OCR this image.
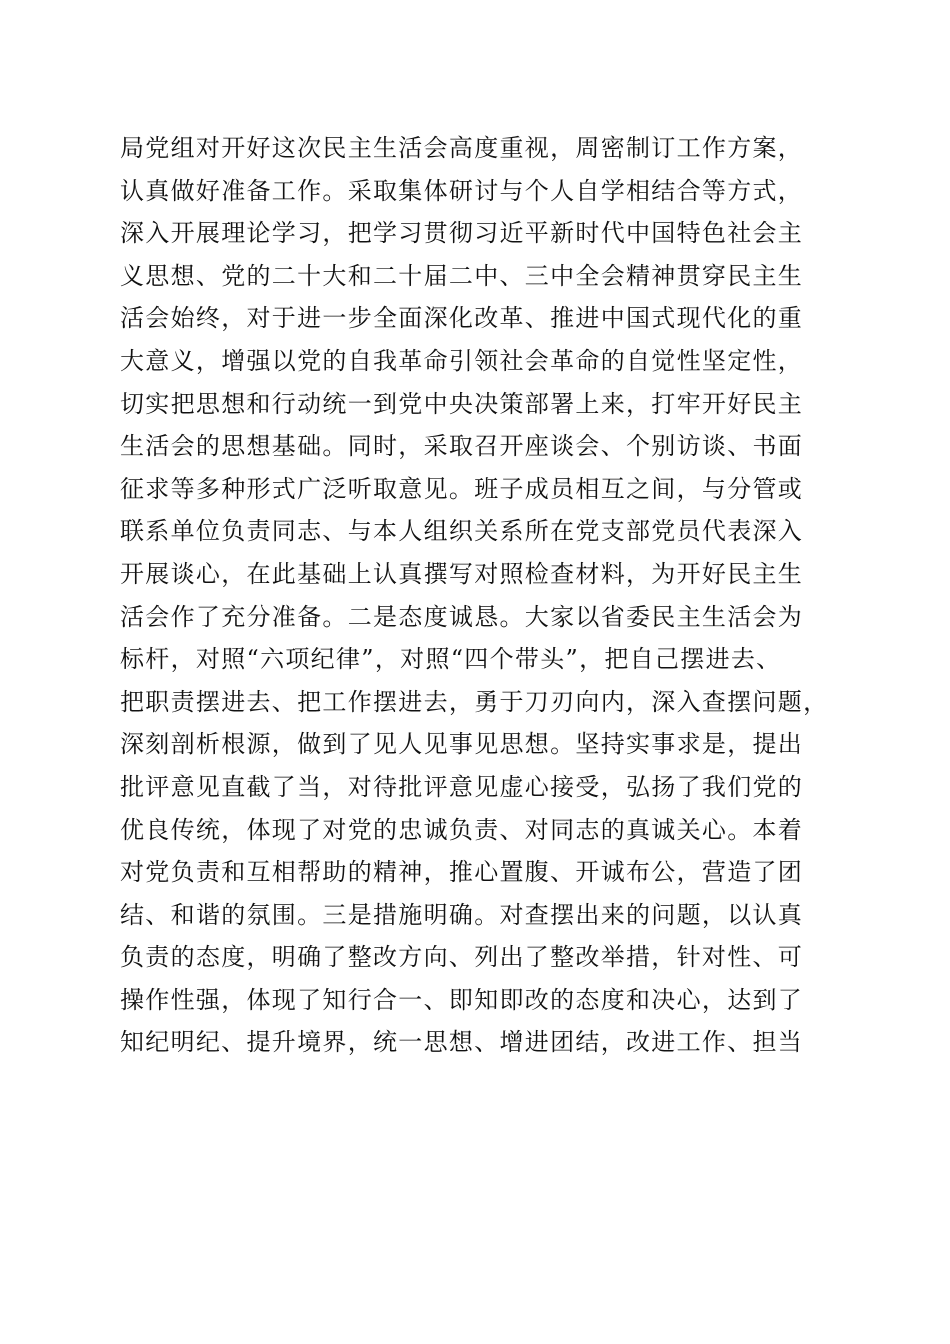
局党组对开好这次民主生活会高度重视，周密制订工作方案，
认真做好准备工作。采取集体研讨与个人自学相结合等方式，
深入开展理论学习，把学习贯彻习近平新时代中国特色社会主
义思想、党的二十大和二十届二中、三中全会精神贯穿民主生
活会始终，对于进一步全面深化改革、推进中国式现代化的重
大意义，增强以党的自我革命引领社会革命的自觉性坚定性，
切实把思想和行动统一到党中央决策部署上来，打牢开好民主
生活会的思想基础。同时，采取召开座谈会、个别访谈、书面
征求等多种形式广泛听取意见。班子成员相互之间，与分管或
联系单位负责同志、与本人组织关系所在党支部党员代表深入
开展谈心，在此基础上认真撰写对照检查材料，为开好民主生
活会作了充分准备。二是态度诚恳。大家以省委民主生活会为
标杆，对照“六项纪律”，对照“四个带头”，把自己摆进去、
把职责摆进去、把工作摆进去，勇于刀刃向内，深入查摆问题，
深刻剖析根源，做到了见人见事见思想。坚持实事求是，提出
批评意见直截了当，对待批评意见虚心接受，弘扬了我们党的
优良传统，体现了对党的忠诚负责、对同志的真诚关心。本着
对党负责和互相帮助的精神，推心置腹、开诚布公，营造了团
结、和谐的氛围。三是措施明确。对查摆出来的问题，以认真
负责的态度，明确了整改方向、列出了整改举措，针对性、可
操作性强，体现了知行合一、即知即改的态度和决心，达到了
知纪明纪、提升境界，统一思想、增进团结，改进工作、担当
